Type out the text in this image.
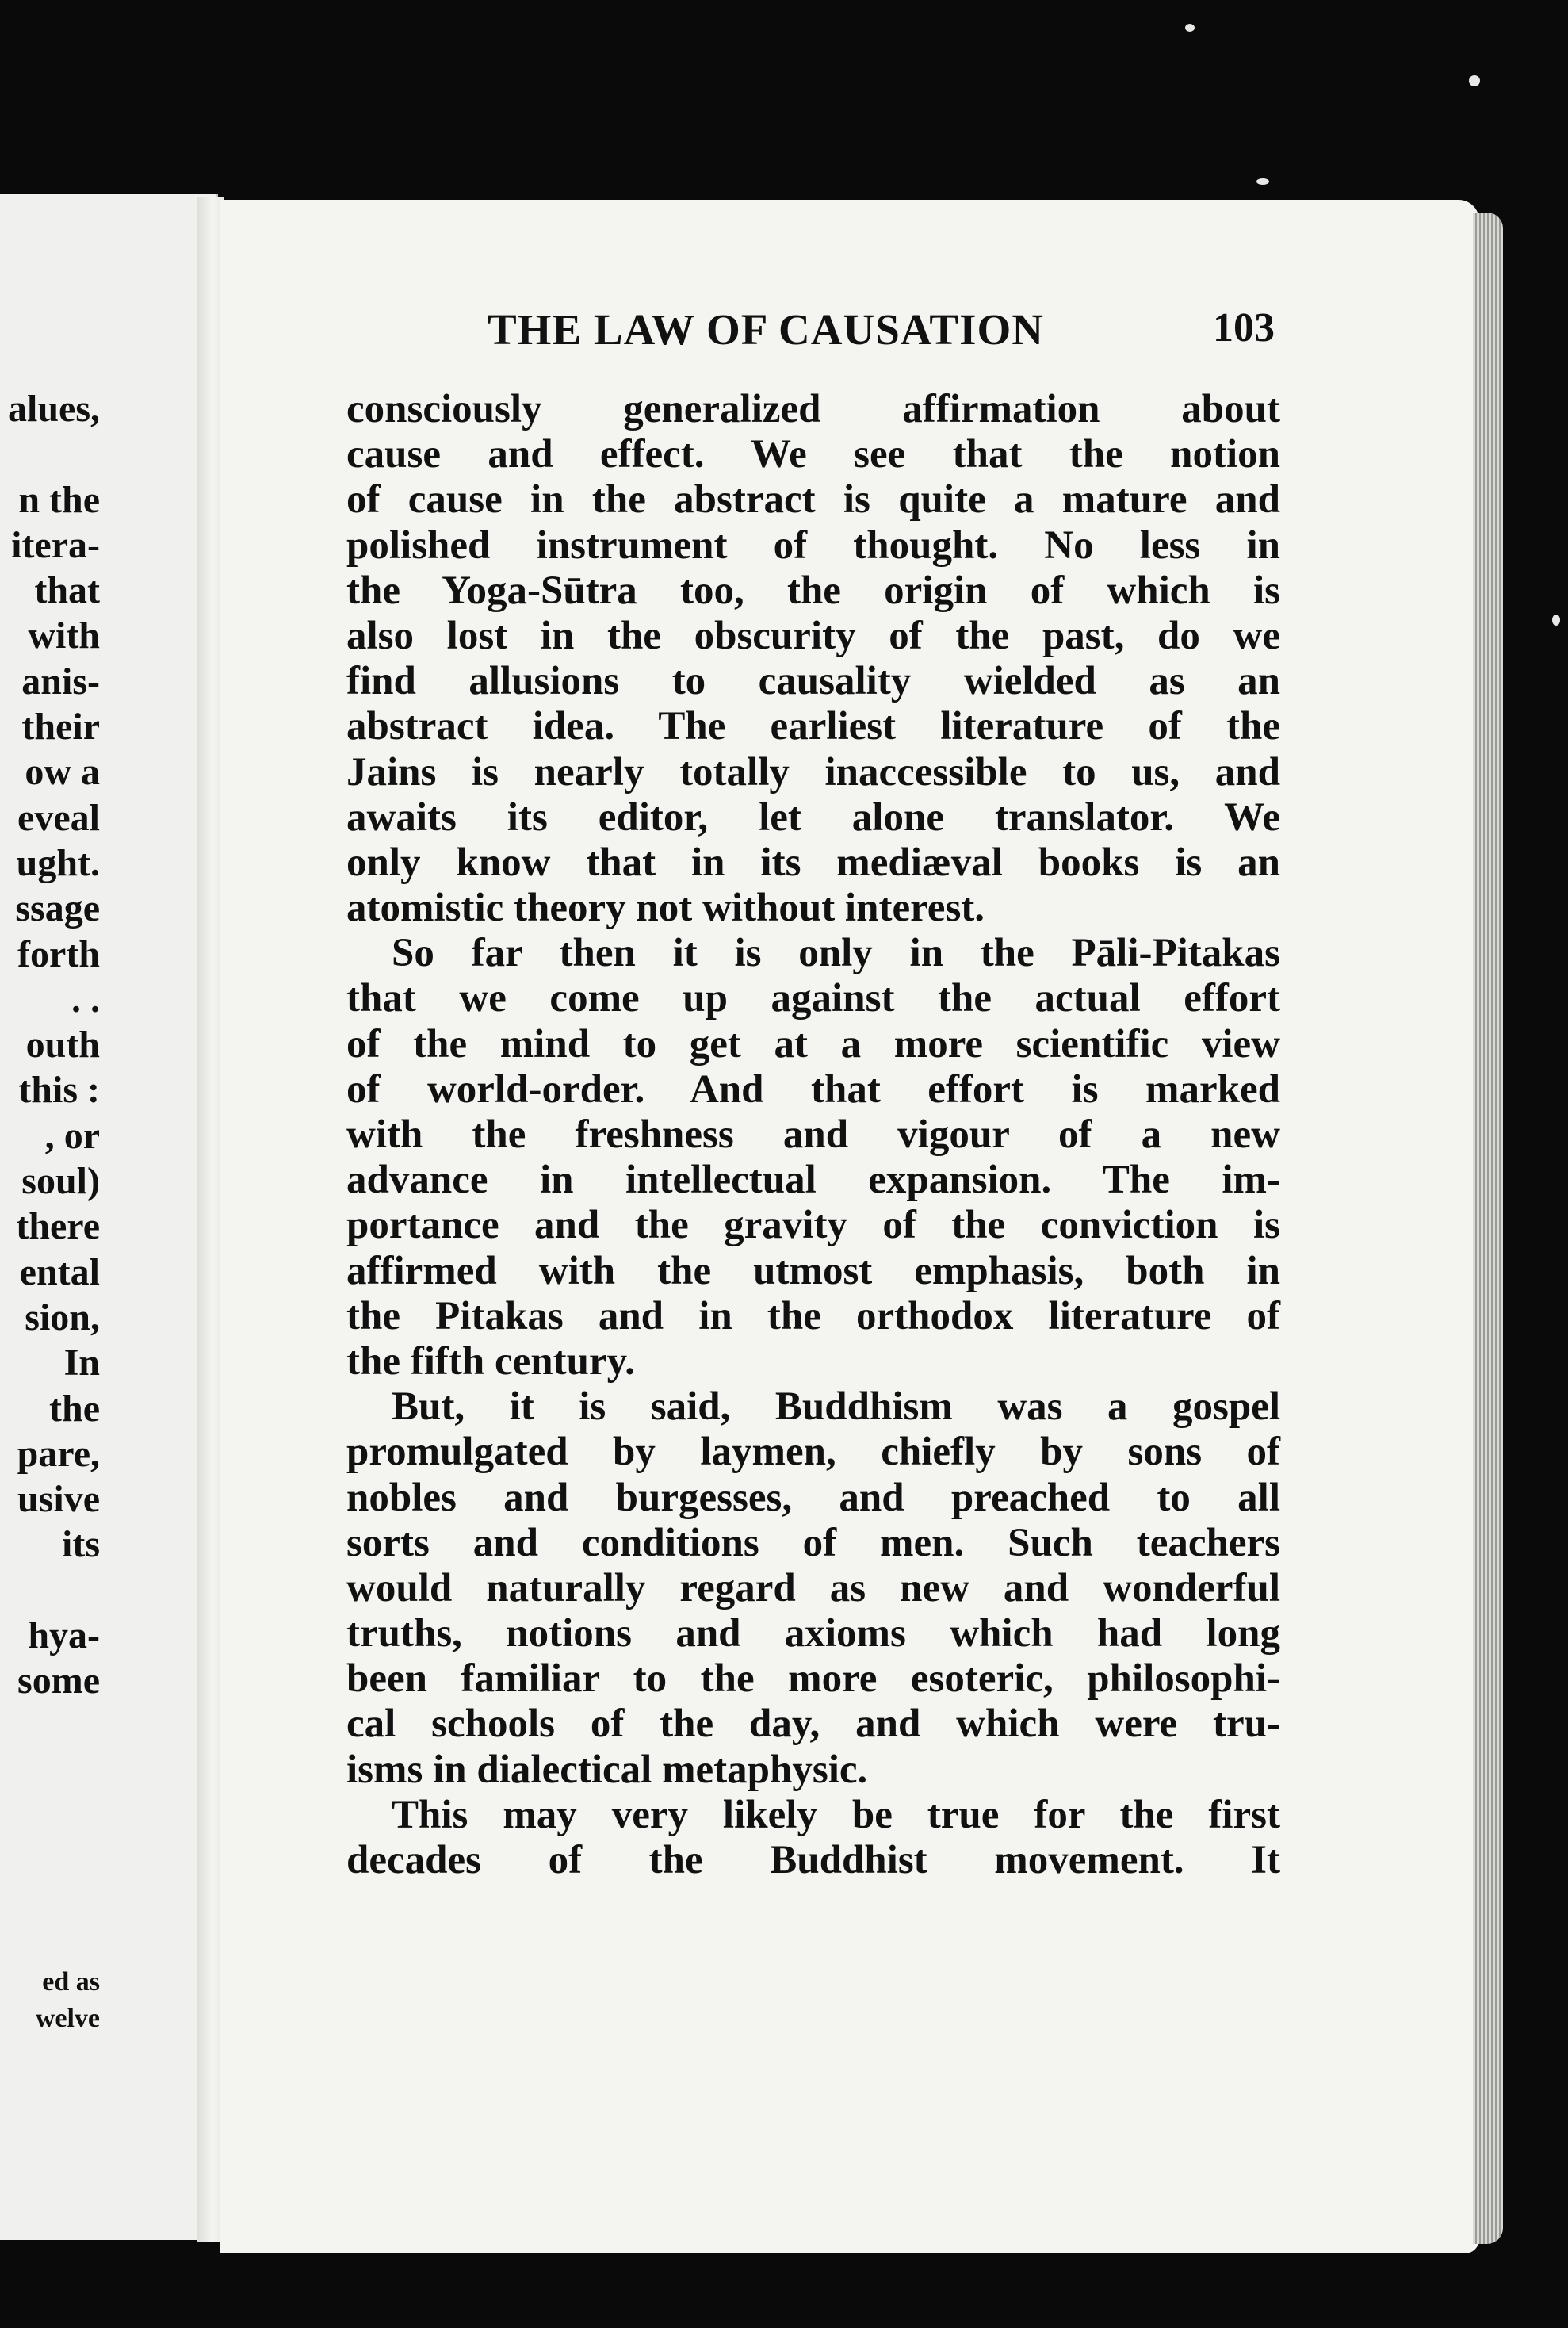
alues,
n the
itera-
that
with
anis-
their
ow a
eveal
ught.
ssage
forth
. .
outh
this :
, or
soul)
there
ental
sion,
In
the
pare,
usive
its
hya-
some
ed as
welve
THE LAW OF CAUSATION	103
consciously generalized affirmation about
cause and effect. We see that the notion
of cause in the abstract is quite a mature and
polished instrument of thought. No less in
the Yoga-Sūtra too, the origin of which is
also lost in the obscurity of the past, do we
find allusions to causality wielded as an
abstract idea. The earliest literature of the
Jains is nearly totally inaccessible to us, and
awaits its editor, let alone translator. We
only know that in its mediæval books is an
atomistic theory not without interest.
So far then it is only in the Pāli-Pitakas
that we come up against the actual effort
of the mind to get at a more scientific view
of world-order. And that effort is marked
with the freshness and vigour of a new
advance in intellectual expansion. The im-
portance and the gravity of the conviction is
affirmed with the utmost emphasis, both in
the Pitakas and in the orthodox literature of
the fifth century.
But, it is said, Buddhism was a gospel
promulgated by laymen, chiefly by sons of
nobles and burgesses, and preached to all
sorts and conditions of men. Such teachers
would naturally regard as new and wonderful
truths, notions and axioms which had long
been familiar to the more esoteric, philosophi-
cal schools of the day, and which were tru-
isms in dialectical metaphysic.
This may very likely be true for the first
decades of the Buddhist movement. It
